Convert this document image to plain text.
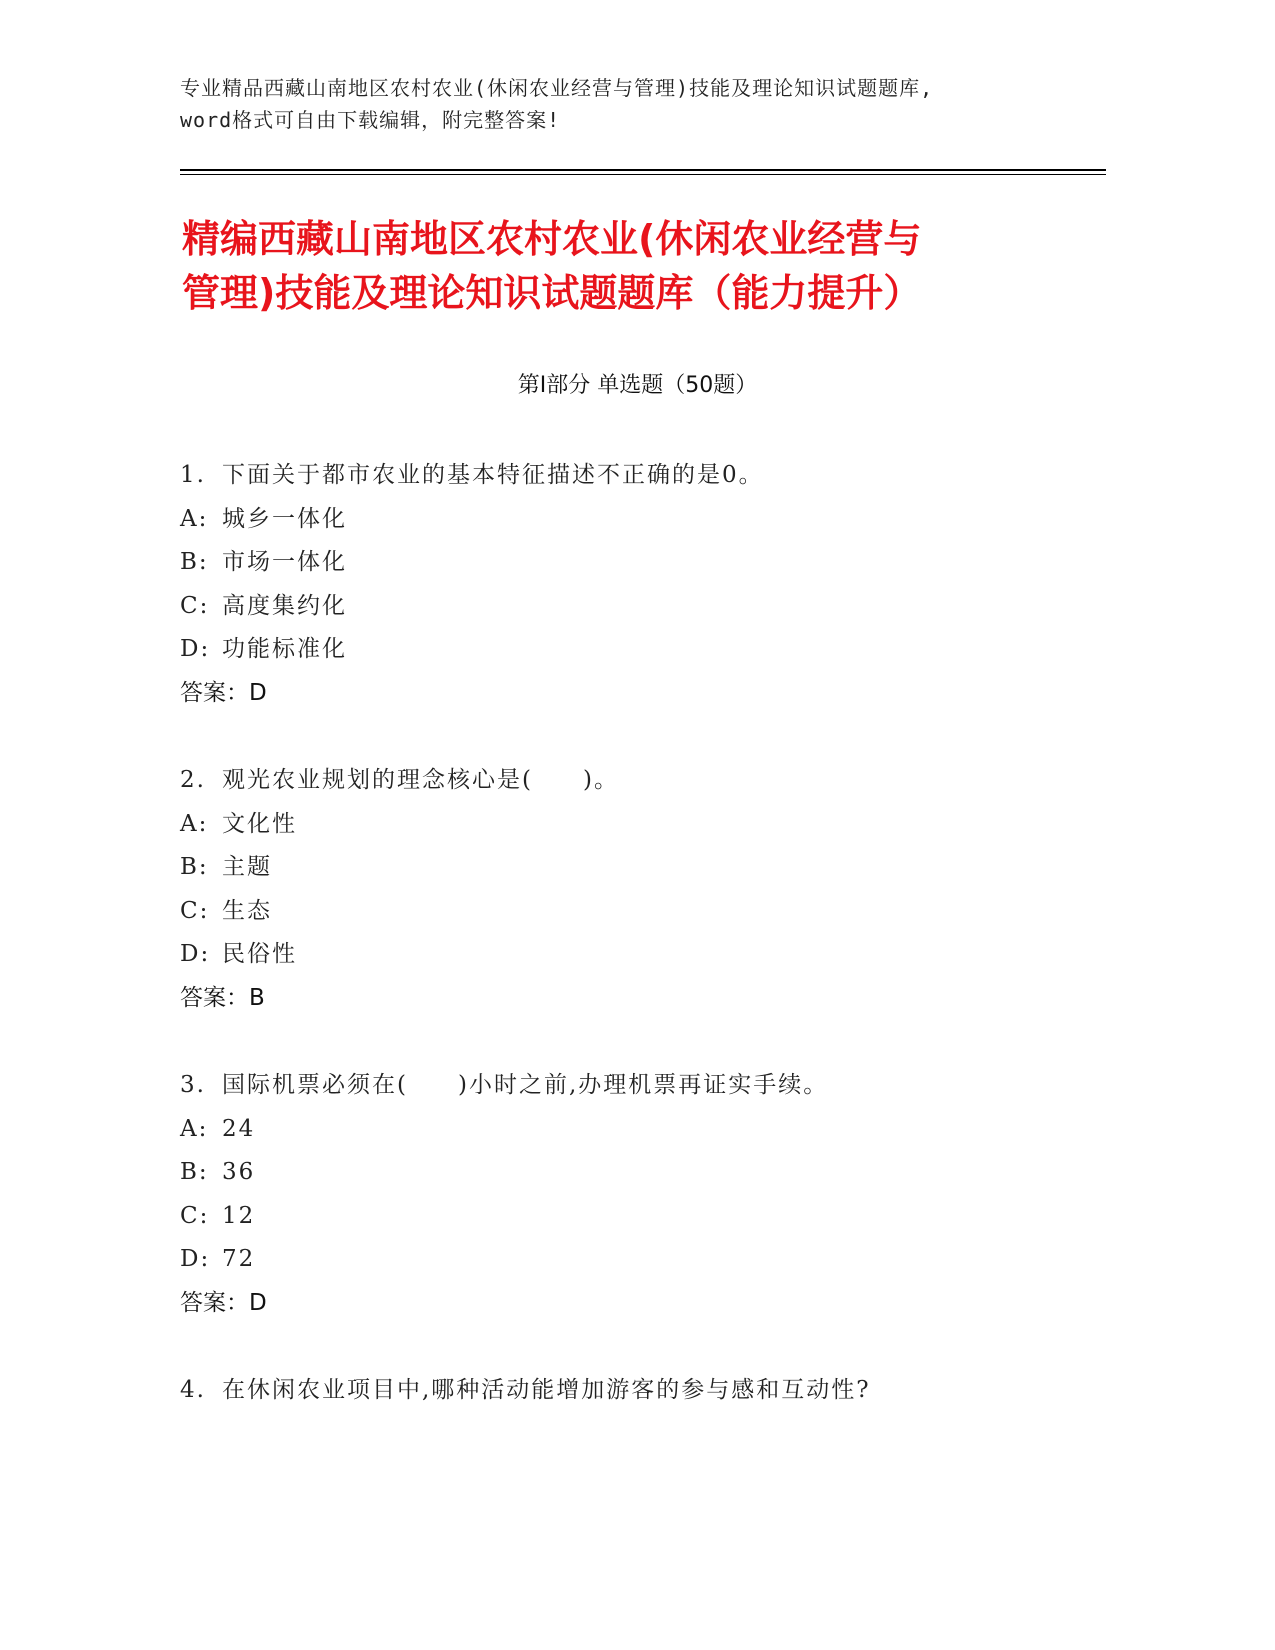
专业精品西藏山南地区农村农业(休闲农业经营与管理)技能及理论知识试题题库,
word格式可自由下载编辑，附完整答案!
精编西藏山南地区农村农业(休闲农业经营与
管理)技能及理论知识试题题库（能力提升）
第Ⅰ部分 单选题（50题）
1. 下面关于都市农业的基本特征描述不正确的是0。
A: 城乡一体化
B: 市场一体化
C: 高度集约化
D: 功能标准化
答案：D
2. 观光农业规划的理念核心是(　　)。
A: 文化性
B: 主题
C: 生态
D: 民俗性
答案：B
3. 国际机票必须在(　　)小时之前,办理机票再证实手续。
A: 24
B: 36
C: 12
D: 72
答案：D
4. 在休闲农业项目中,哪种活动能增加游客的参与感和互动性?
